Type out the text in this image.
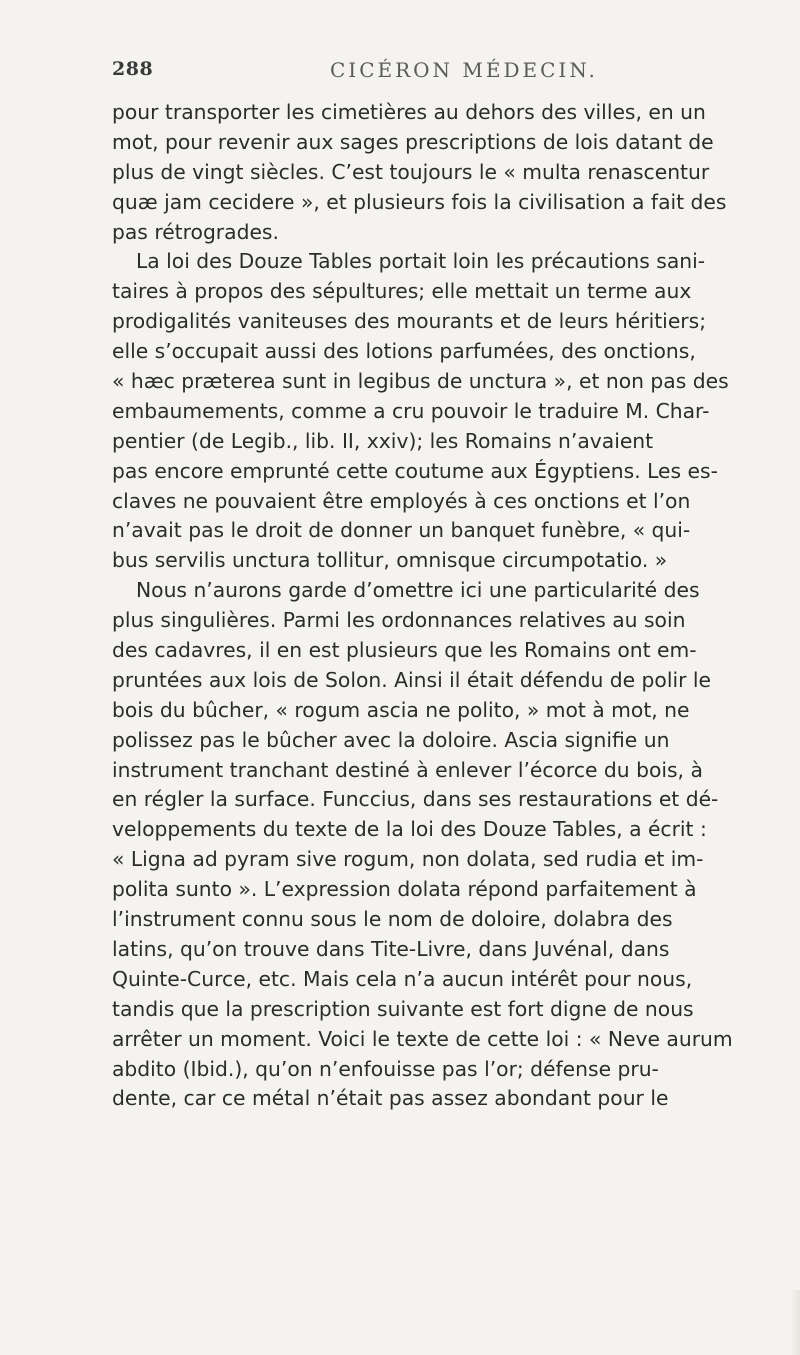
288	CICÉRON MÉDECIN.

pour transporter les cimetières au dehors des villes, en un
mot, pour revenir aux sages prescriptions de lois datant de
plus de vingt siècles. C’est toujours le « multa renascentur
quæ jam cecidere », et plusieurs fois la civilisation a fait des
pas rétrogrades.

La loi des Douze Tables portait loin les précautions sani-
taires à propos des sépultures; elle mettait un terme aux
prodigalités vaniteuses des mourants et de leurs héritiers;
elle s’occupait aussi des lotions parfumées, des onctions,
« hæc præterea sunt in legibus de unctura », et non pas des
embaumements, comme a cru pouvoir le traduire M. Char-
pentier (de Legib., lib. II, xxiv); les Romains n’avaient
pas encore emprunté cette coutume aux Égyptiens. Les es-
claves ne pouvaient être employés à ces onctions et l’on
n’avait pas le droit de donner un banquet funèbre, « qui-
bus servilis unctura tollitur, omnisque circumpotatio. »

Nous n’aurons garde d’omettre ici une particularité des
plus singulières. Parmi les ordonnances relatives au soin
des cadavres, il en est plusieurs que les Romains ont em-
pruntées aux lois de Solon. Ainsi il était défendu de polir le
bois du bûcher, « rogum ascia ne polito, » mot à mot, ne
polissez pas le bûcher avec la doloire. Ascia signifie un
instrument tranchant destiné à enlever l’écorce du bois, à
en régler la surface. Funccius, dans ses restaurations et dé-
veloppements du texte de la loi des Douze Tables, a écrit :
« Ligna ad pyram sive rogum, non dolata, sed rudia et im-
polita sunto ». L’expression dolata répond parfaitement à
l’instrument connu sous le nom de doloire, dolabra des
latins, qu’on trouve dans Tite-Livre, dans Juvénal, dans
Quinte-Curce, etc. Mais cela n’a aucun intérêt pour nous,
tandis que la prescription suivante est fort digne de nous
arrêter un moment. Voici le texte de cette loi : « Neve aurum
abdito (Ibid.), qu’on n’enfouisse pas l’or; défense pru-
dente, car ce métal n’était pas assez abondant pour le
